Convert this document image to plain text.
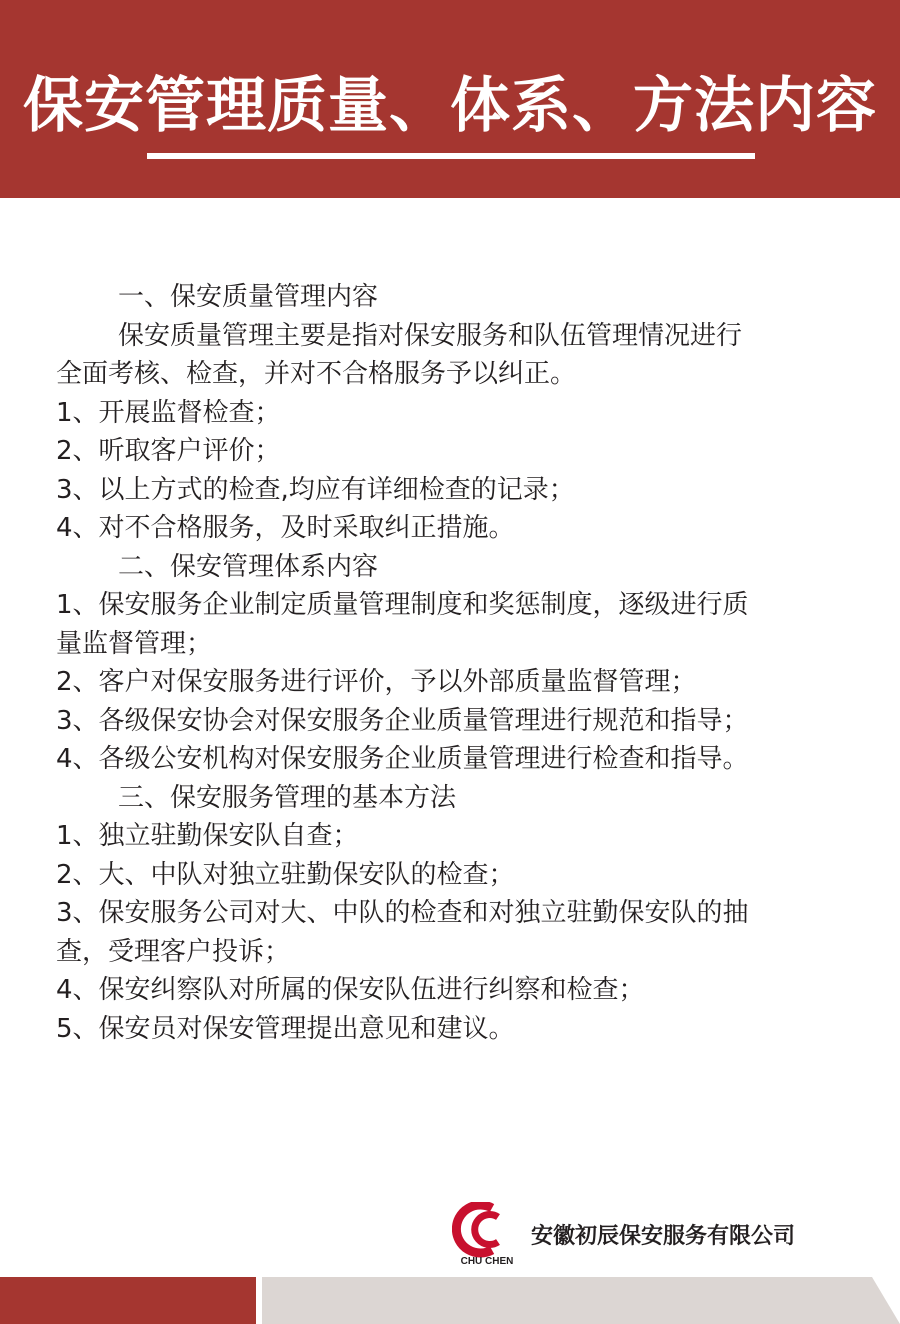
保安管理质量、体系、方法内容
一、保安质量管理内容
保安质量管理主要是指对保安服务和队伍管理情况进行
全面考核、检查，并对不合格服务予以纠正。
1、开展监督检查；
2、听取客户评价；
3、以上方式的检查,均应有详细检查的记录；
4、对不合格服务，及时采取纠正措施。
二、保安管理体系内容
1、保安服务企业制定质量管理制度和奖惩制度，逐级进行质
量监督管理；
2、客户对保安服务进行评价，予以外部质量监督管理；
3、各级保安协会对保安服务企业质量管理进行规范和指导；
4、各级公安机构对保安服务企业质量管理进行检查和指导。
三、保安服务管理的基本方法
1、独立驻勤保安队自查；
2、大、中队对独立驻勤保安队的检查；
3、保安服务公司对大、中队的检查和对独立驻勤保安队的抽
查，受理客户投诉；
4、保安纠察队对所属的保安队伍进行纠察和检查；
5、保安员对保安管理提出意见和建议。
CHU CHEN
安徽初辰保安服务有限公司
